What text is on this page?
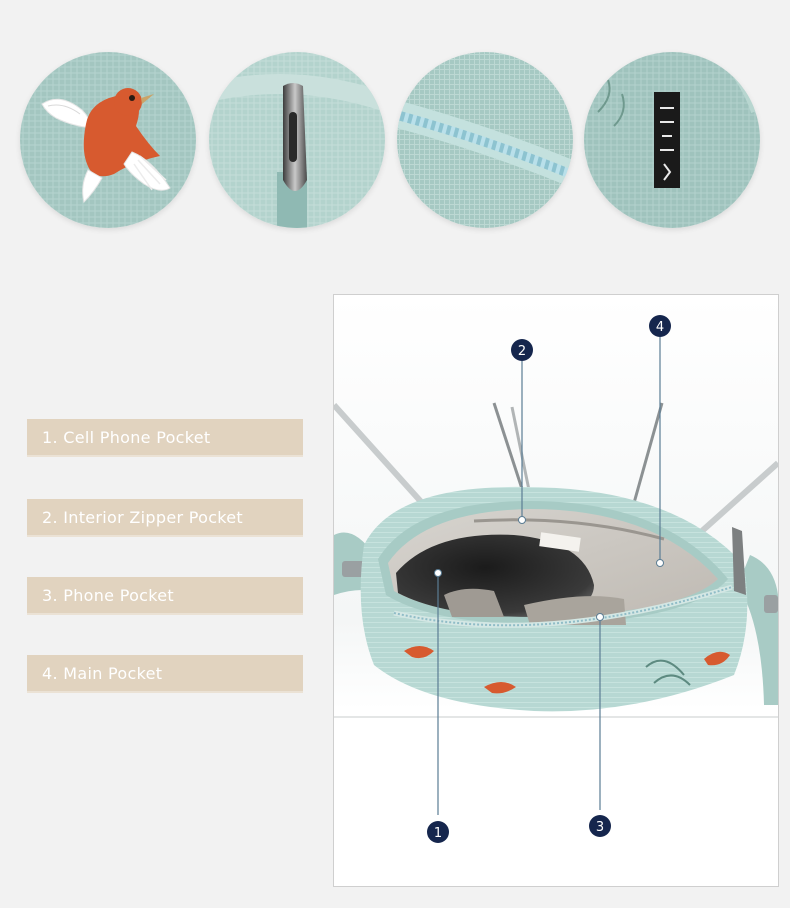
1. Cell Phone Pocket
2. Interior Zipper Pocket
3. Phone Pocket
4. Main Pocket
1
2
3
4
